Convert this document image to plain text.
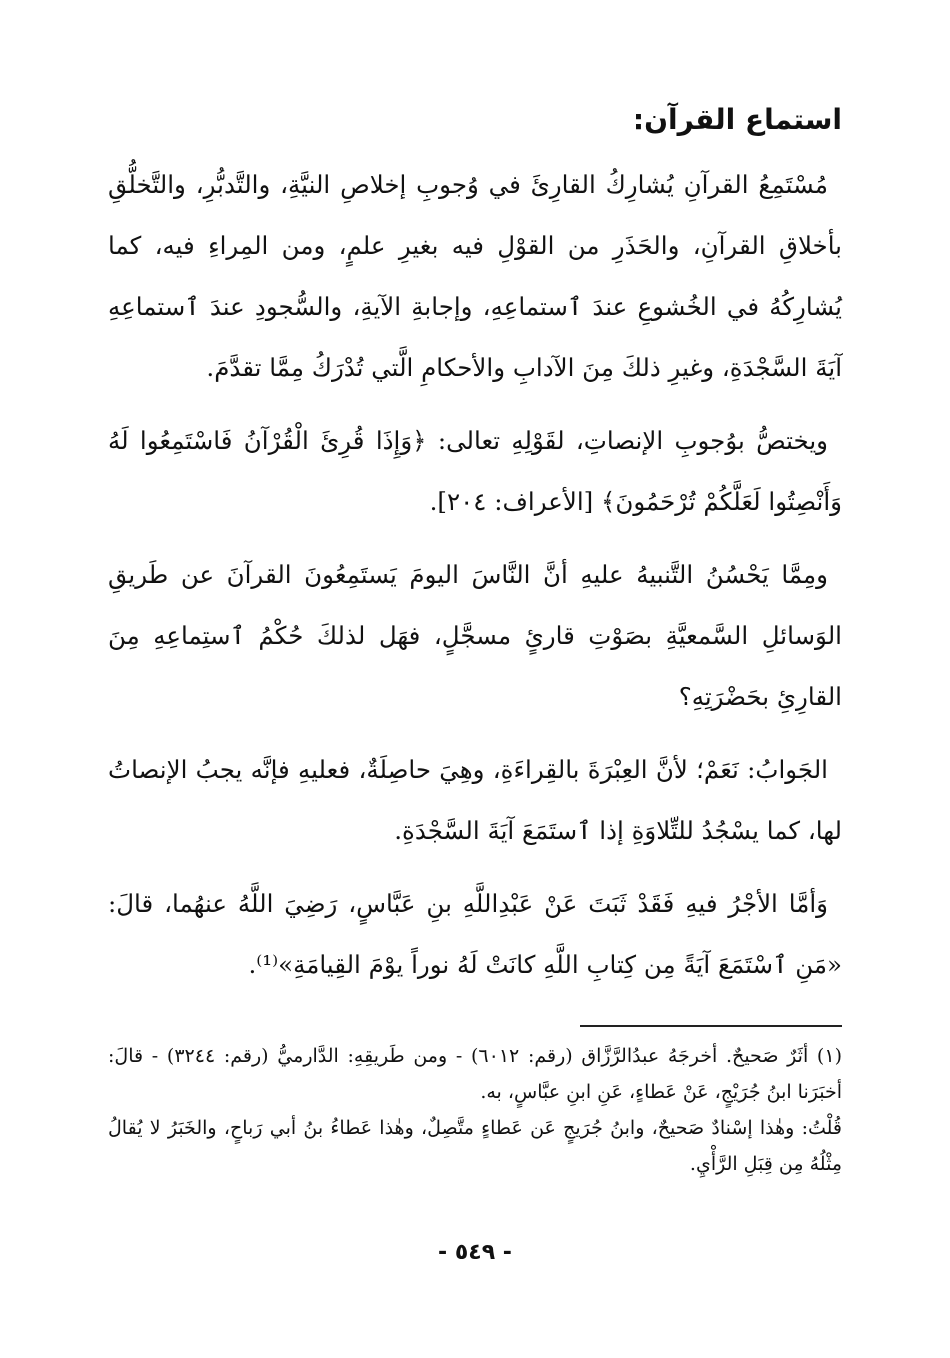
استماع القرآن:

مُسْتَمِعُ القرآنِ يُشارِكُ القارِئَ في وُجوبِ إخلاصِ النيَّةِ، والتَّدبُّرِ، والتَّخلُّقِ بأخلاقِ القرآنِ، والحَذَرِ من القوْلِ فيه بغيرِ علمٍ، ومن المِراءِ فيه، كما يُشارِكُهُ في الخُشوعِ عندَ ٱستماعِهِ، وإجابةِ الآيةِ، والسُّجودِ عندَ ٱستماعِهِ آيَةَ السَّجْدَةِ، وغيرِ ذلكَ مِنَ الآدابِ والأحكامِ الَّتي تُدْرَكُ مِمَّا تقدَّمَ.

ويختصُّ بوُجوبِ الإنصاتِ، لقَوْلِهِ تعالى: ﴿وَإِذَا قُرِئَ الْقُرْآنُ فَاسْتَمِعُوا لَهُ وَأَنْصِتُوا لَعَلَّكُمْ تُرْحَمُونَ﴾ [الأعراف: ٢٠٤].

ومِمَّا يَحْسُنُ التَّنبيهُ عليهِ أنَّ النَّاسَ اليومَ يَستَمِعُونَ القرآنَ عن طَريقِ الوَسائلِ السَّمعيَّةِ بصَوْتِ قارئٍ مسجَّلٍ، فهَل لذلكَ حُكْمُ ٱستِماعِهِ مِنَ القارِئِ بحَضْرَتِهِ؟

الجَوابُ: نَعَمْ؛ لأنَّ العِبْرَةَ بالقِراءَةِ، وهِيَ حاصِلَةٌ، فعليهِ فإنَّه يجبُ الإنصاتُ لها، كما يسْجُدُ للتِّلاوَةِ إذا ٱستَمَعَ آيَةَ السَّجْدَةِ.

وَأمَّا الأجْرُ فيهِ فَقَدْ ثَبَتَ عَنْ عَبْدِاللَّهِ بنِ عَبَّاسٍ، رَضِيَ اللَّهُ عنهُما، قالَ: «مَنِ ٱسْتَمَعَ آيَةً مِن كِتابِ اللَّهِ كانَتْ لَهُ نوراً يوْمَ القِيامَةِ»⁽¹⁾.

(١) أثَرٌ صَحيحٌ. أخرجَهُ عبدُالرَّزَّاق (رقم: ٦٠١٢) - ومن طَريقِهِ: الدَّارميُّ (رقم: ٣٢٤٤) - قالَ: أخبَرَنا ابنُ جُرَيْجٍ، عَنْ عَطاءٍ، عَنِ ابنِ عبَّاسٍ، به.

قُلْتُ: وهٰذا إسْنادٌ صَحيحٌ، وابنُ جُرَيجٍ عَن عَطاءٍ متَّصِلٌ، وهٰذا عَطاءُ بنُ أبي رَباحٍ، والخَبَرُ لا يُقالُ مِثْلُهُ مِن قِبَلِ الرَّأْيِ.

- ٥٤٩ -
